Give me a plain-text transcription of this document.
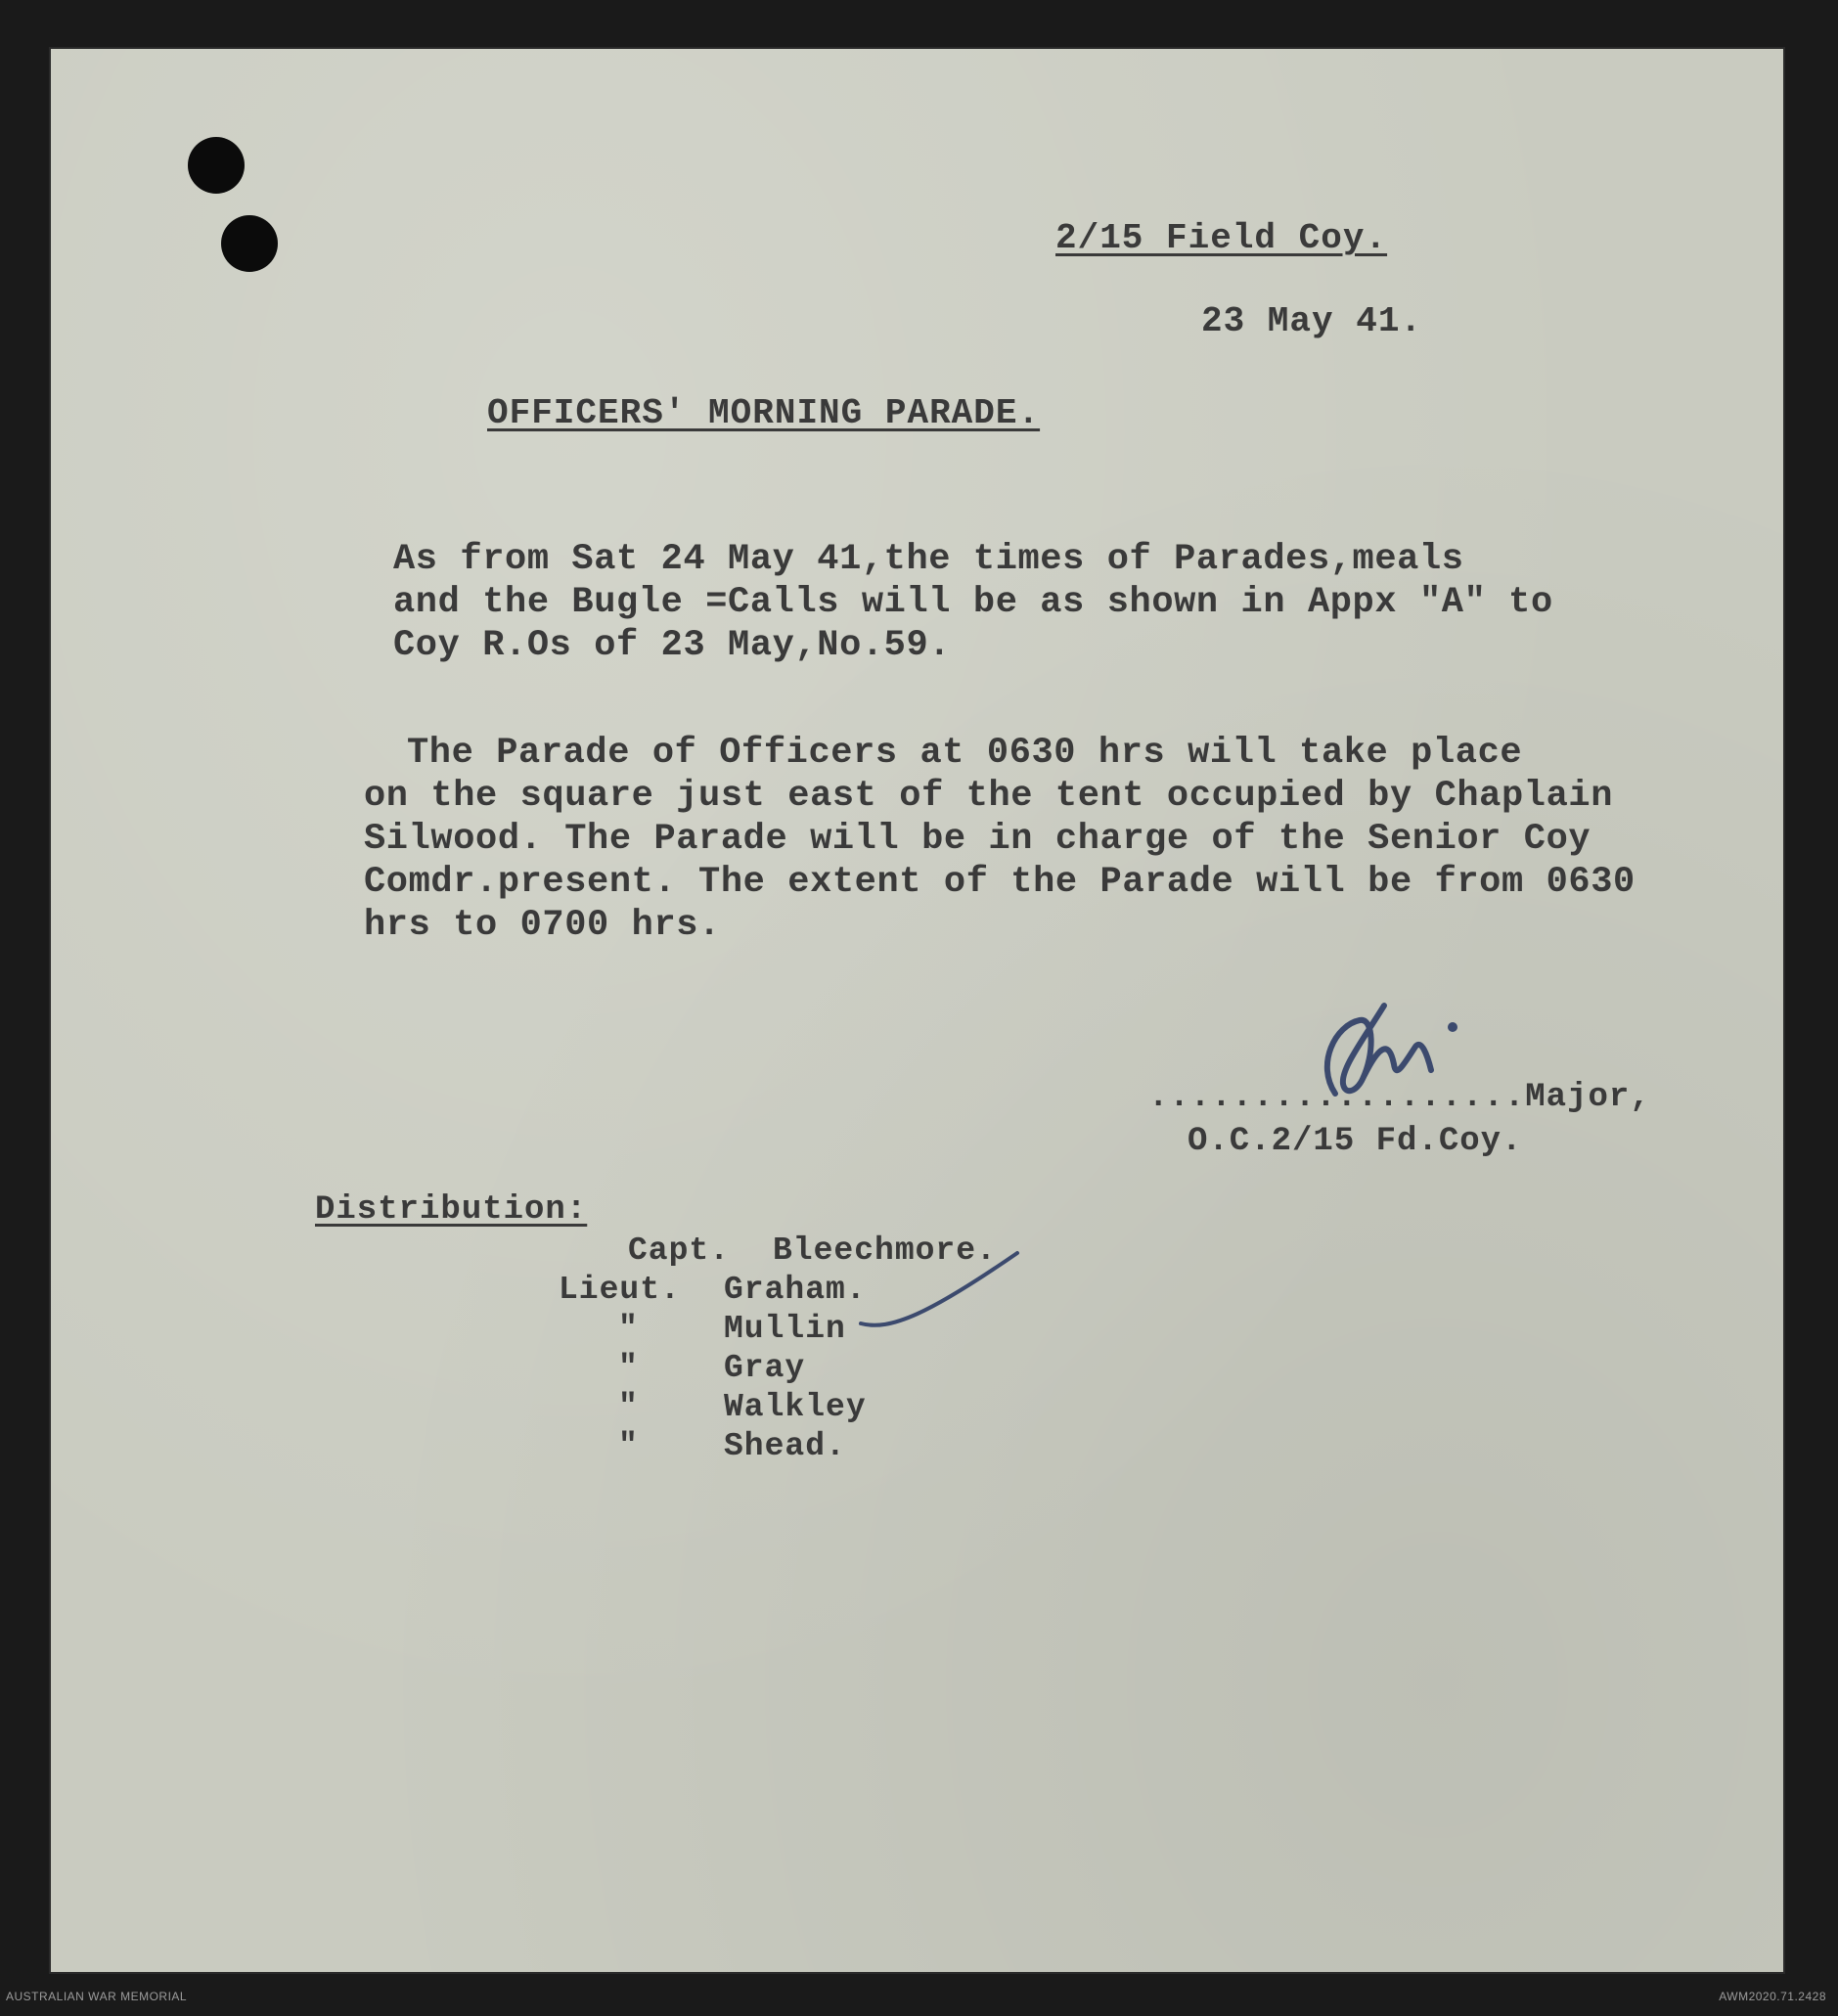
2/15 Field Coy.
23 May 41.
OFFICERS' MORNING PARADE.
As from Sat 24 May 41,the times of Parades,meals
and the Bugle =Calls will be as shown in Appx "A" to
Coy R.Os of 23 May,No.59.
The Parade of Officers at 0630 hrs will take place
on the square just east of the tent occupied by Chaplain
Silwood. The Parade will be in charge of the Senior Coy
Comdr.present. The extent of the Parade will be from 0630
hrs to 0700 hrs.
..................Major,
O.C.2/15 Fd.Coy.
Distribution:
Capt. Bleechmore.
Lieut. Graham.
"	Mullin
"	Gray
"	Walkley
"	Shead.
AUSTRALIAN WAR MEMORIAL	AWM2020.71.2428
